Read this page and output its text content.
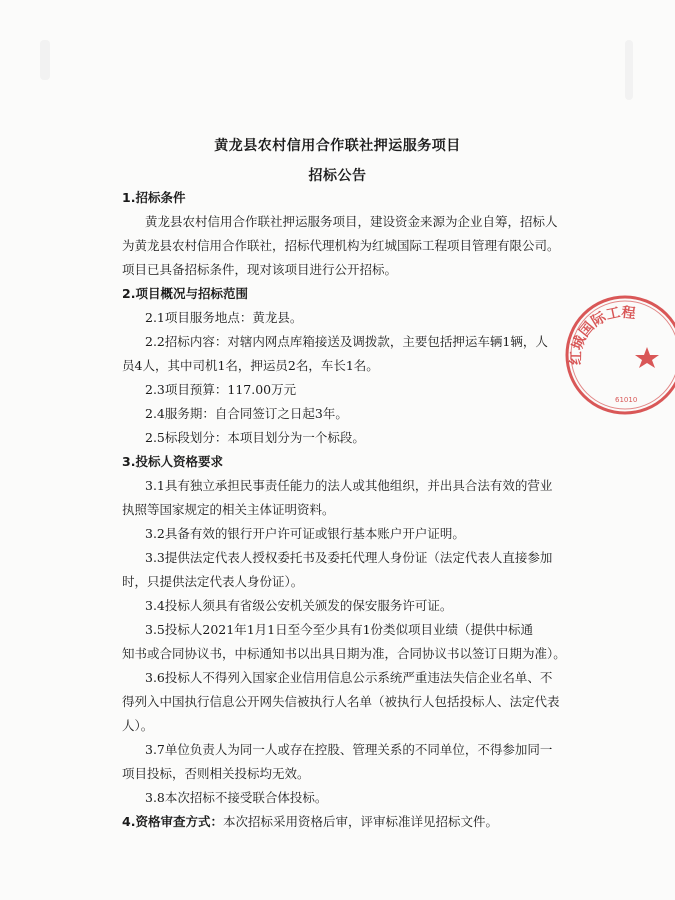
黄龙县农村信用合作联社押运服务项目
招标公告
1.招标条件
黄龙县农村信用合作联社押运服务项目，建设资金来源为企业自筹，招标人
为黄龙县农村信用合作联社，招标代理机构为红城国际工程项目管理有限公司。
项目已具备招标条件，现对该项目进行公开招标。
2.项目概况与招标范围
2.1项目服务地点：黄龙县。
2.2招标内容：对辖内网点库箱接送及调拨款，主要包括押运车辆1辆，人
员4人，其中司机1名，押运员2名，车长1名。
2.3项目预算：117.00万元
2.4服务期：自合同签订之日起3年。
2.5标段划分：本项目划分为一个标段。
3.投标人资格要求
3.1具有独立承担民事责任能力的法人或其他组织，并出具合法有效的营业
执照等国家规定的相关主体证明资料。
3.2具备有效的银行开户许可证或银行基本账户开户证明。
3.3提供法定代表人授权委托书及委托代理人身份证（法定代表人直接参加
时，只提供法定代表人身份证）。
3.4投标人须具有省级公安机关颁发的保安服务许可证。
3.5投标人2021年1月1日至今至少具有1份类似项目业绩（提供中标通
知书或合同协议书，中标通知书以出具日期为准，合同协议书以签订日期为准）。
3.6投标人不得列入国家企业信用信息公示系统严重违法失信企业名单、不
得列入中国执行信息公开网失信被执行人名单（被执行人包括投标人、法定代表
人）。
3.7单位负责人为同一人或存在控股、管理关系的不同单位，不得参加同一
项目投标，否则相关投标均无效。
3.8本次招标不接受联合体投标。
4.资格审查方式：本次招标采用资格后审，评审标准详见招标文件。
红城国际工程
61010
